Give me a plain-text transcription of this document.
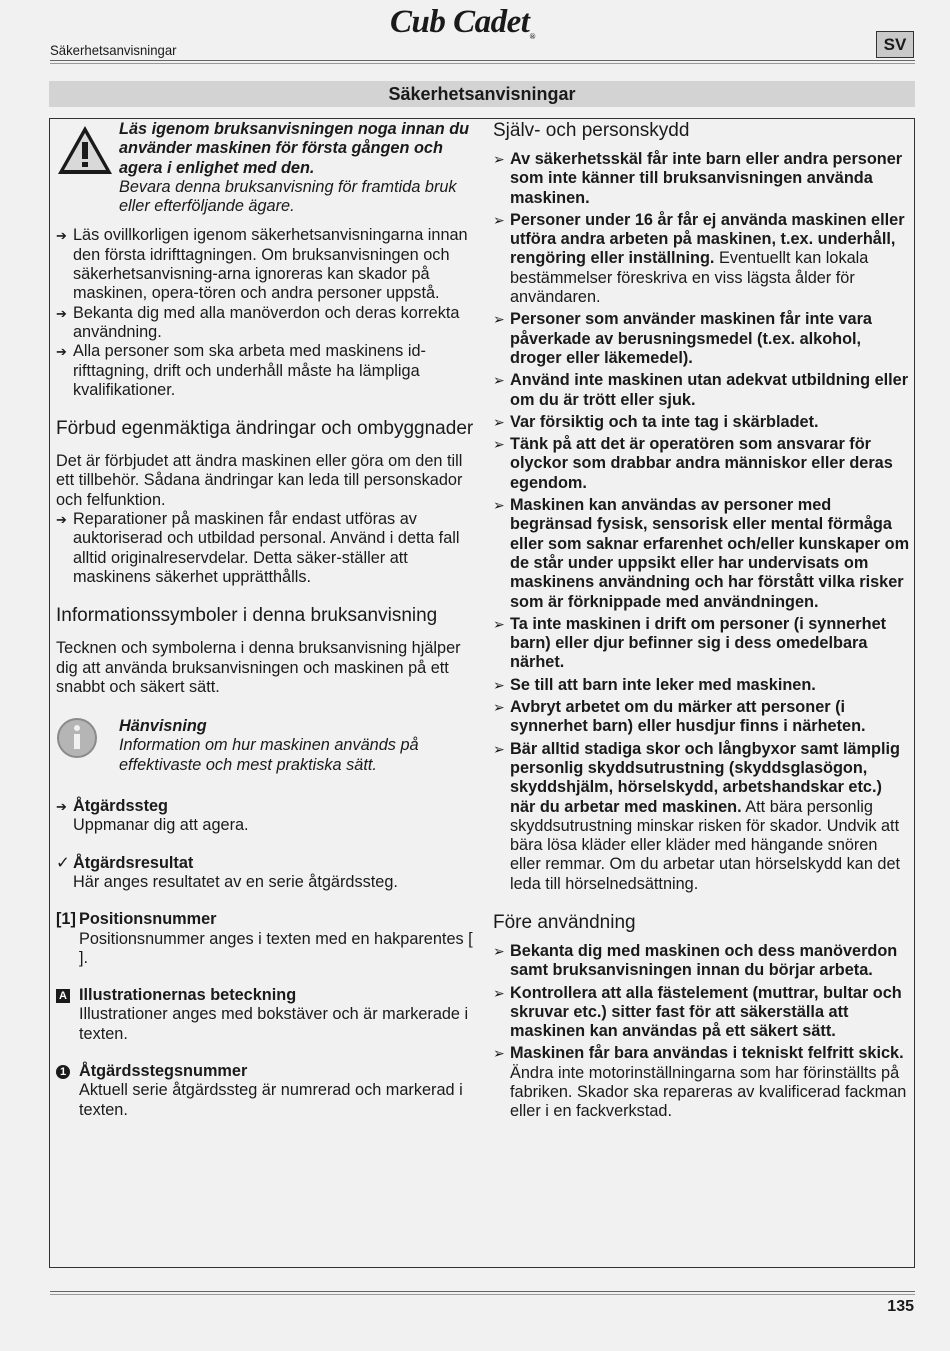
Cub Cadet®
Säkerhetsanvisningar	SV
Säkerhetsanvisningar

Läs igenom bruksanvisningen noga innan du använder maskinen för första gången och agera i enlighet med den.

Bevara denna bruksanvisning för framtida bruk eller efterföljande ägare.

➔ Läs ovillkorligen igenom säkerhetsanvisningarna innan den första idrifttagningen. Om bruksanvisningen och säkerhetsanvisning-arna ignoreras kan skador på maskinen, opera-tören och andra personer uppstå.

➔ Bekanta dig med alla manöverdon och deras korrekta användning.

➔ Alla personer som ska arbeta med maskinens id-rifttagning, drift och underhåll måste ha lämpliga kvalifikationer.

Förbud egenmäktiga ändringar och ombyggnader

Det är förbjudet att ändra maskinen eller göra om den till ett tillbehör. Sådana ändringar kan leda till personskador och felfunktion.

➔ Reparationer på maskinen får endast utföras av auktoriserad och utbildad personal. Använd i detta fall alltid originalreservdelar. Detta säker-ställer att maskinens säkerhet upprätthålls.

Informationssymboler i denna bruksanvisning

Tecknen och symbolerna i denna bruksanvisning hjälper dig att använda bruksanvisningen och maskinen på ett snabbt och säkert sätt.

Hänvisning

Information om hur maskinen används på effektivaste och mest praktiska sätt.

➔ Åtgärdssteg

Uppmanar dig att agera.

✓ Åtgärdsresultat

Här anges resultatet av en serie åtgärdssteg.

[1] Positionsnummer

Positionsnummer anges i texten med en hakparentes [ ].

A Illustrationernas beteckning

Illustrationer anges med bokstäver och är markerade i texten.

1 Åtgärdsstegsnummer

Aktuell serie åtgärdssteg är numrerad och markerad i texten.

Själv- och personskydd

➢ Av säkerhetsskäl får inte barn eller andra personer som inte känner till bruksanvisningen använda maskinen.

➢ Personer under 16 år får ej använda maskinen eller utföra andra arbeten på maskinen, t.ex. underhåll, rengöring eller inställning. Eventuellt kan lokala bestämmelser föreskriva en viss lägsta ålder för användaren.

➢ Personer som använder maskinen får inte vara påverkade av berusningsmedel (t.ex. alkohol, droger eller läkemedel).

➢ Använd inte maskinen utan adekvat utbildning eller om du är trött eller sjuk.

➢ Var försiktig och ta inte tag i skärbladet.

➢ Tänk på att det är operatören som ansvarar för olyckor som drabbar andra människor eller deras egendom.

➢ Maskinen kan användas av personer med begränsad fysisk, sensorisk eller mental förmåga eller som saknar erfarenhet och/eller kunskaper om de står under uppsikt eller har undervisats om maskinens användning och har förstått vilka risker som är förknippade med användningen.

➢ Ta inte maskinen i drift om personer (i synnerhet barn) eller djur befinner sig i dess omedelbara närhet.

➢ Se till att barn inte leker med maskinen.

➢ Avbryt arbetet om du märker att personer (i synnerhet barn) eller husdjur finns i närheten.

➢ Bär alltid stadiga skor och långbyxor samt lämplig personlig skyddsutrustning (skyddsglasögon, skyddshjälm, hörselskydd, arbetshandskar etc.) när du arbetar med maskinen. Att bära personlig skyddsutrustning minskar risken för skador. Undvik att bära lösa kläder eller kläder med hängande snören eller remmar. Om du arbetar utan hörselskydd kan det leda till hörselnedsättning.

Före användning

➢ Bekanta dig med maskinen och dess manöverdon samt bruksanvisningen innan du börjar arbeta.

➢ Kontrollera att alla fästelement (muttrar, bultar och skruvar etc.) sitter fast för att säkerställa att maskinen kan användas på ett säkert sätt.

➢ Maskinen får bara användas i tekniskt felfritt skick. Ändra inte motorinställningarna som har förinställts på fabriken. Skador ska repareras av kvalificerad fackman eller i en fackverkstad.

135
